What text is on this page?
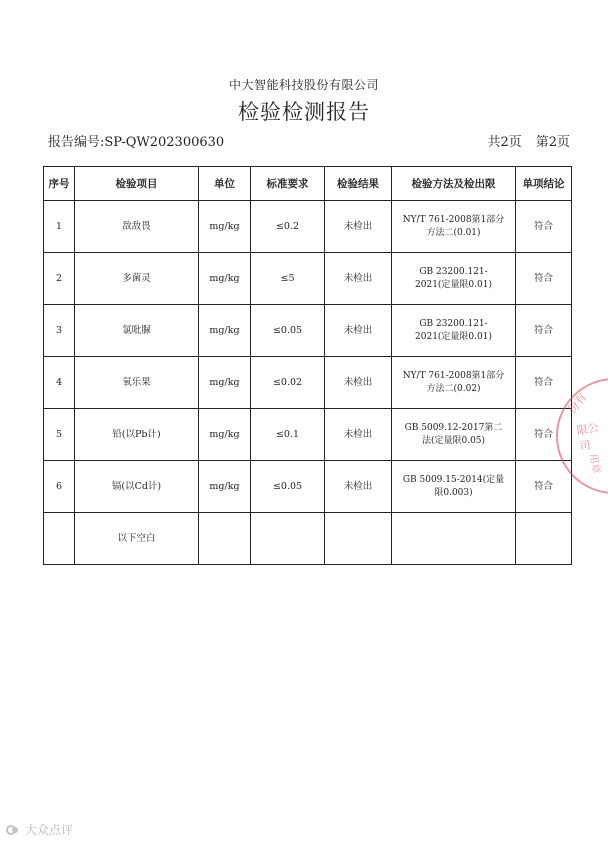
中大智能科技股份有限公司
检验检测报告
报告编号:SP-QW202300630	共2页 第2页
序号	检验项目	单位	标准要求	检验结果	检验方法及检出限	单项结论
1	敌敌畏	mg/kg	≤0.2	未检出	NY/T 761-2008第1部分方法二(0.01)	符合
2	多菌灵	mg/kg	≤5	未检出	GB 23200.121-2021(定量限0.01)	符合
3	氯吡脲	mg/kg	≤0.05	未检出	GB 23200.121-2021(定量限0.01)	符合
4	氧乐果	mg/kg	≤0.02	未检出	NY/T 761-2008第1部分方法二(0.02)	符合
5	铅(以Pb计)	mg/kg	≤0.1	未检出	GB 5009.12-2017第二法(定量限0.05)	符合
6	镉(以Cd计)	mg/kg	≤0.05	未检出	GB 5009.15-2014(定量限0.003)	符合
	以下空白					
份有
限公司
用章
大众点评
